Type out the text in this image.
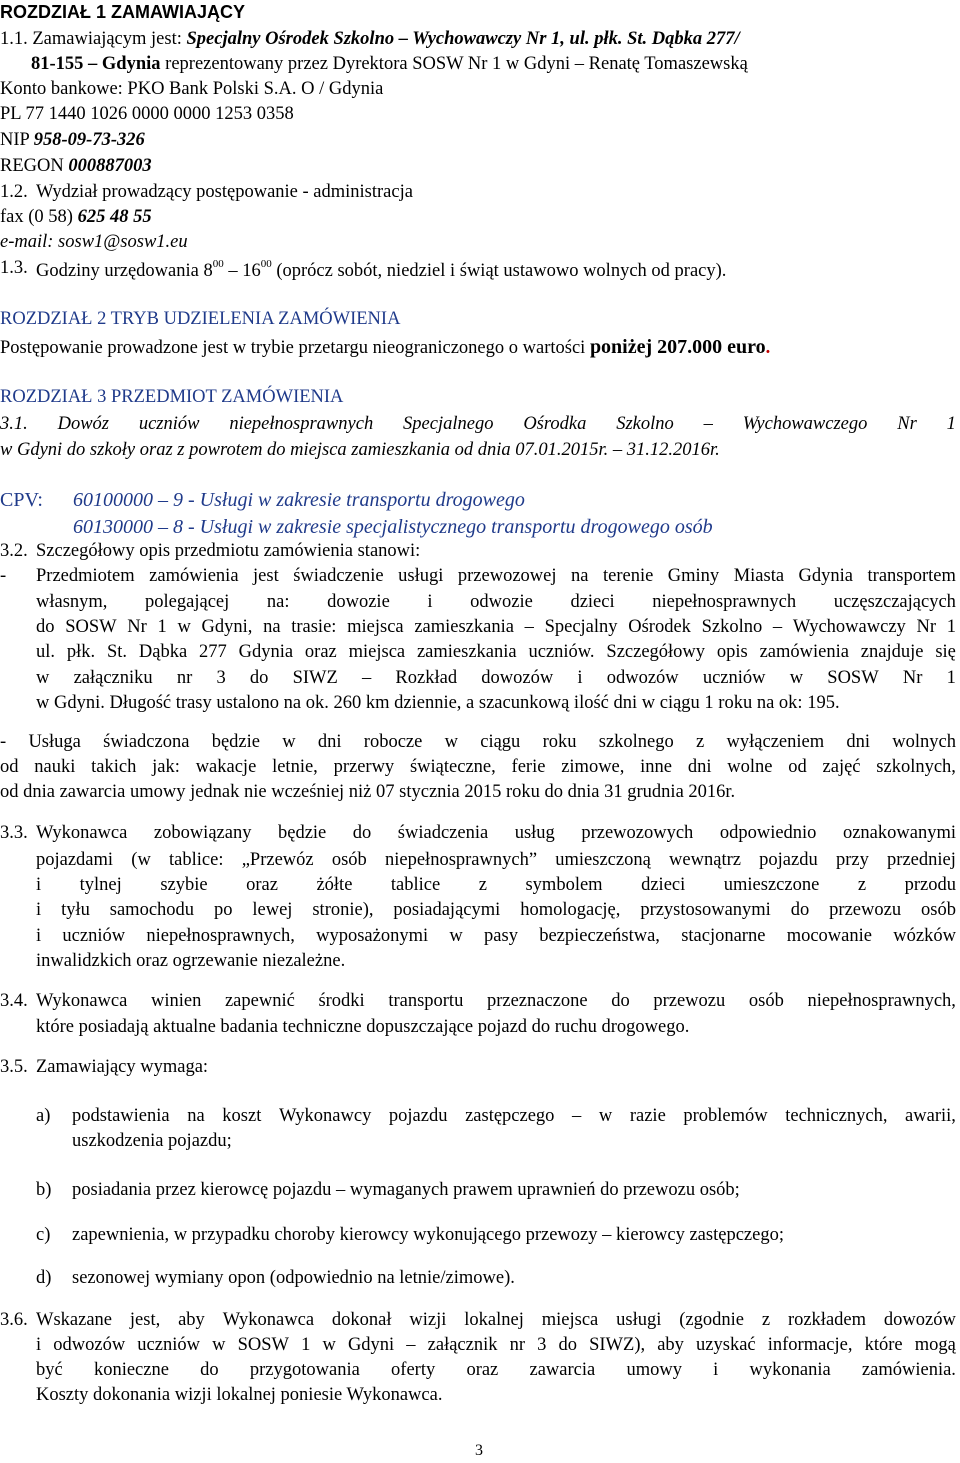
ROZDZIAŁ 1 ZAMAWIAJĄCY
1.1. Zamawiającym jest: Specjalny Ośrodek Szkolno – Wychowawczy Nr 1, ul. płk. St. Dąbka 277/
81-155 – Gdynia reprezentowany przez Dyrektora SOSW Nr 1 w Gdyni – Renatę Tomaszewską
Konto bankowe: PKO Bank Polski S.A. O / Gdynia
PL 77 1440 1026 0000 0000 1253 0358
NIP 958-09-73-326
REGON 000887003
1.2. Wydział prowadzący postępowanie - administracja
fax (0 58) 625 48 55
e-mail: sosw1@sosw1.eu
1.3. Godziny urzędowania $8^{00} - 16^{00}$ (oprócz sobót, niedziel i świąt ustawowo wolnych od pracy).
ROZDZIAŁ 2 TRYB UDZIELENIA ZAMÓWIENIA
Postępowanie prowadzone jest w trybie przetargu nieograniczonego o wartości poniżej 207.000 euro.
ROZDZIAŁ 3 PRZEDMIOT ZAMÓWIENIA
3.1. Dowóz uczniów niepełnosprawnych Specjalnego Ośrodka Szkolno – Wychowawczego Nr 1
w Gdyni do szkoły oraz z powrotem do miejsca zamieszkania od dnia 07.01.2015r. – 31.12.2016r.
CPV: 60100000 – 9 - Usługi w zakresie transportu drogowego
60130000 – 8 - Usługi w zakresie specjalistycznego transportu drogowego osób
3.2. Szczegółowy opis przedmiotu zamówienia stanowi:
- Przedmiotem zamówienia jest świadczenie usługi przewozowej na terenie Gminy Miasta Gdynia transportem
własnym, polegającej na: dowozie i odwozie dzieci niepełnosprawnych uczęszczających
do SOSW Nr 1 w Gdyni, na trasie: miejsca zamieszkania – Specjalny Ośrodek Szkolno – Wychowawczy Nr 1
ul. płk. St. Dąbka 277 Gdynia oraz miejsca zamieszkania uczniów. Szczegółowy opis zamówienia znajduje się
w załączniku nr 3 do SIWZ – Rozkład dowozów i odwozów uczniów w SOSW Nr 1
w Gdyni. Długość trasy ustalono na ok. 260 km dziennie, a szacunkową ilość dni w ciągu 1 roku na ok: 195.
- Usługa świadczona będzie w dni robocze w ciągu roku szkolnego z wyłączeniem dni wolnych
od nauki takich jak: wakacje letnie, przerwy świąteczne, ferie zimowe, inne dni wolne od zajęć szkolnych,
od dnia zawarcia umowy jednak nie wcześniej niż 07 stycznia 2015 roku do dnia 31 grudnia 2016r.
3.3. Wykonawca zobowiązany będzie do świadczenia usług przewozowych odpowiednio oznakowanymi
pojazdami (w tablice: „Przewóz osób niepełnosprawnych” umieszczoną wewnątrz pojazdu przy przedniej
i tylnej szybie oraz żółte tablice z symbolem dzieci umieszczone z przodu
i tyłu samochodu po lewej stronie), posiadającymi homologację, przystosowanymi do przewozu osób
i uczniów niepełnosprawnych, wyposażonymi w pasy bezpieczeństwa, stacjonarne mocowanie wózków
inwalidzkich oraz ogrzewanie niezależne.
3.4. Wykonawca winien zapewnić środki transportu przeznaczone do przewozu osób niepełnosprawnych,
które posiadają aktualne badania techniczne dopuszczające pojazd do ruchu drogowego.
3.5. Zamawiający wymaga:
a) podstawienia na koszt Wykonawcy pojazdu zastępczego – w razie problemów technicznych, awarii,
uszkodzenia pojazdu;
b) posiadania przez kierowcę pojazdu – wymaganych prawem uprawnień do przewozu osób;
c) zapewnienia, w przypadku choroby kierowcy wykonującego przewozy – kierowcy zastępczego;
d) sezonowej wymiany opon (odpowiednio na letnie/zimowe).
3.6. Wskazane jest, aby Wykonawca dokonał wizji lokalnej miejsca usługi (zgodnie z rozkładem dowozów
i odwozów uczniów w SOSW 1 w Gdyni – załącznik nr 3 do SIWZ), aby uzyskać informacje, które mogą
być konieczne do przygotowania oferty oraz zawarcia umowy i wykonania zamówienia.
Koszty dokonania wizji lokalnej poniesie Wykonawca.
3
